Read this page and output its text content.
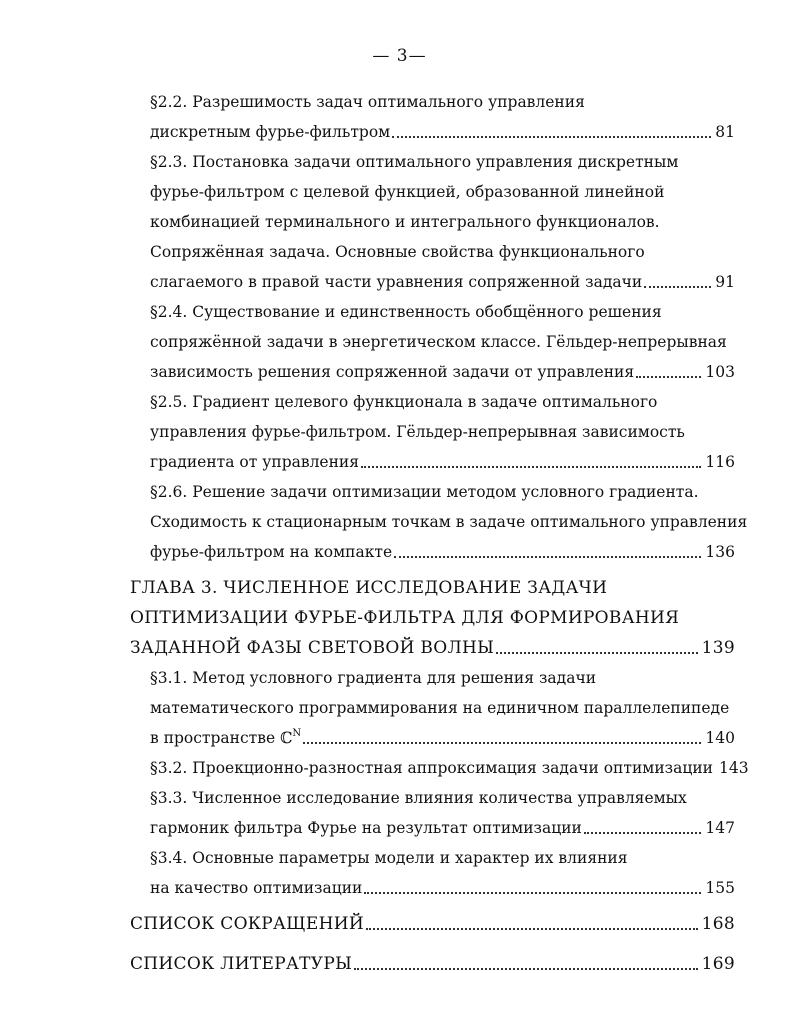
— 3—
§2.2. Разрешимость задач оптимального управления
дискретным фурье-фильтром	81
§2.3. Постановка задачи оптимального управления дискретным
фурье-фильтром с целевой функцией, образованной линейной
комбинацией терминального и интегрального функционалов.
Сопряжённая задача. Основные свойства функционального
слагаемого в правой части уравнения сопряженной задачи	91
§2.4. Существование и единственность обобщённого решения
сопряжённой задачи в энергетическом классе. Гёльдер-непрерывная
зависимость решения сопряженной задачи от управления	103
§2.5. Градиент целевого функционала в задаче оптимального
управления фурье-фильтром. Гёльдер-непрерывная зависимость
градиента от управления	116
§2.6. Решение задачи оптимизации методом условного градиента.
Сходимость к стационарным точкам в задаче оптимального управления
фурье-фильтром на компакте	136
ГЛАВА 3. ЧИСЛЕННОЕ ИССЛЕДОВАНИЕ ЗАДАЧИ
ОПТИМИЗАЦИИ ФУРЬЕ-ФИЛЬТРА ДЛЯ ФОРМИРОВАНИЯ
ЗАДАННОЙ ФАЗЫ СВЕТОВОЙ ВОЛНЫ	139
§3.1. Метод условного градиента для решения задачи
математического программирования на единичном параллелепипеде
в пространстве ℂ$^N$	140
§3.2. Проекционно-разностная аппроксимация задачи оптимизации 143
§3.3. Численное исследование влияния количества управляемых
гармоник фильтра Фурье на результат оптимизации	147
§3.4. Основные параметры модели и характер их влияния
на качество оптимизации	155
СПИСОК СОКРАЩЕНИЙ	168
СПИСОК ЛИТЕРАТУРЫ	169
